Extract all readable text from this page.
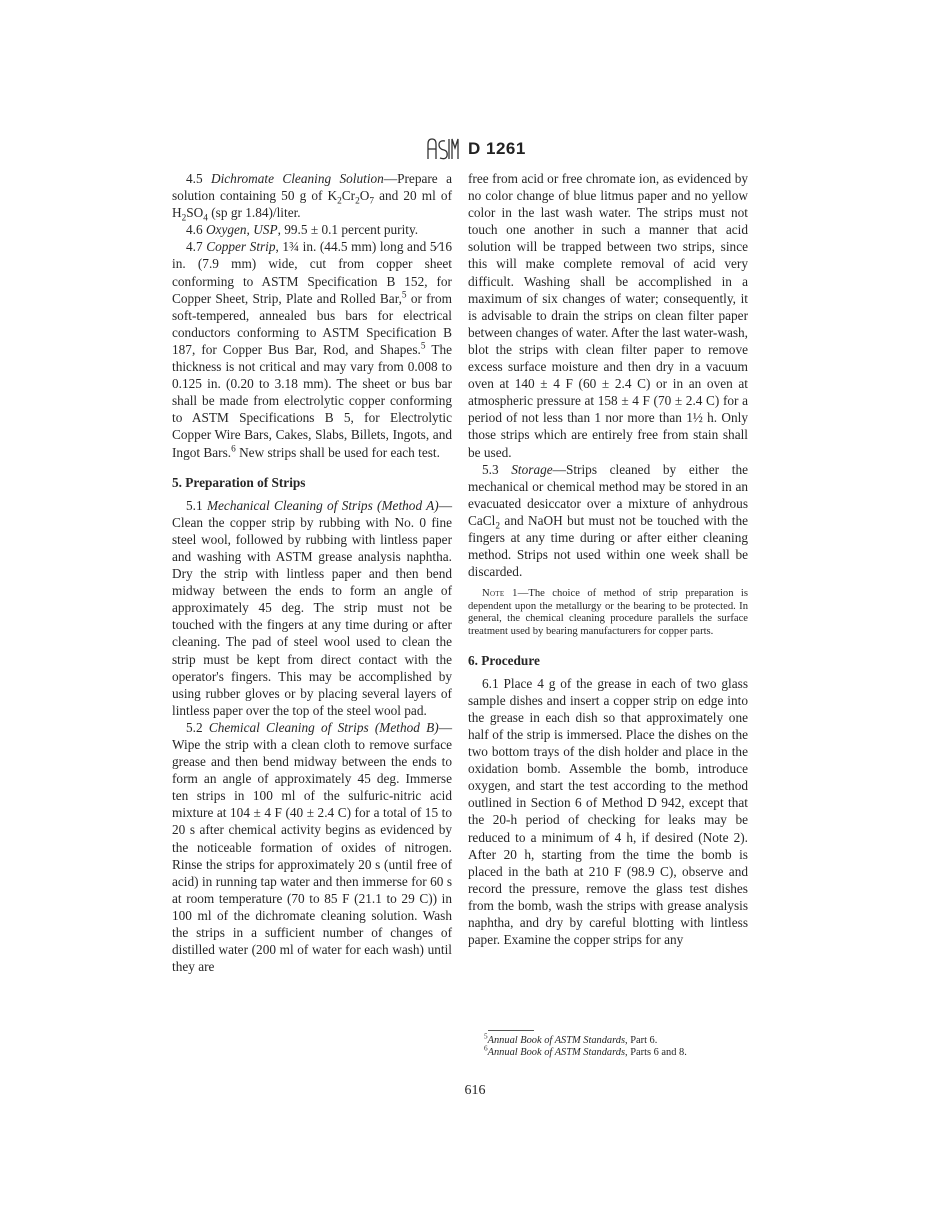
D 1261

4.5 Dichromate Cleaning Solution—Prepare a solution containing 50 g of $K_2Cr_2O_7$ and 20 ml of $H_2SO_4$ (sp gr 1.84)/liter.

4.6 Oxygen, USP, 99.5 ± 0.1 percent purity.

4.7 Copper Strip, 1¾ in. (44.5 mm) long and 5⁄16 in. (7.9 mm) wide, cut from copper sheet conforming to ASTM Specification B 152, for Copper Sheet, Strip, Plate and Rolled Bar,$^5$ or from soft-tempered, annealed bus bars for electrical conductors conforming to ASTM Specification B 187, for Copper Bus Bar, Rod, and Shapes.$^5$ The thickness is not critical and may vary from 0.008 to 0.125 in. (0.20 to 3.18 mm). The sheet or bus bar shall be made from electrolytic copper conforming to ASTM Specifications B 5, for Electrolytic Copper Wire Bars, Cakes, Slabs, Billets, Ingots, and Ingot Bars.$^6$ New strips shall be used for each test.

5. Preparation of Strips

5.1 Mechanical Cleaning of Strips (Method A)—Clean the copper strip by rubbing with No. 0 fine steel wool, followed by rubbing with lintless paper and washing with ASTM grease analysis naphtha. Dry the strip with lintless paper and then bend midway between the ends to form an angle of approximately 45 deg. The strip must not be touched with the fingers at any time during or after cleaning. The pad of steel wool used to clean the strip must be kept from direct contact with the operator's fingers. This may be accomplished by using rubber gloves or by placing several layers of lintless paper over the top of the steel wool pad.

5.2 Chemical Cleaning of Strips (Method B)—Wipe the strip with a clean cloth to remove surface grease and then bend midway between the ends to form an angle of approximately 45 deg. Immerse ten strips in 100 ml of the sulfuric-nitric acid mixture at 104 ± 4 F (40 ± 2.4 C) for a total of 15 to 20 s after chemical activity begins as evidenced by the noticeable formation of oxides of nitrogen. Rinse the strips for approximately 20 s (until free of acid) in running tap water and then immerse for 60 s at room temperature (70 to 85 F (21.1 to 29 C)) in 100 ml of the dichromate cleaning solution. Wash the strips in a sufficient number of changes of distilled water (200 ml of water for each wash) until they are

free from acid or free chromate ion, as evidenced by no color change of blue litmus paper and no yellow color in the last wash water. The strips must not touch one another in such a manner that acid solution will be trapped between two strips, since this will make complete removal of acid very difficult. Washing shall be accomplished in a maximum of six changes of water; consequently, it is advisable to drain the strips on clean filter paper between changes of water. After the last water-wash, blot the strips with clean filter paper to remove excess surface moisture and then dry in a vacuum oven at 140 ± 4 F (60 ± 2.4 C) or in an oven at atmospheric pressure at 158 ± 4 F (70 ± 2.4 C) for a period of not less than 1 nor more than 1½ h. Only those strips which are entirely free from stain shall be used.

5.3 Storage—Strips cleaned by either the mechanical or chemical method may be stored in an evacuated desiccator over a mixture of anhydrous CaCl$_2$ and NaOH but must not be touched with the fingers at any time during or after either cleaning method. Strips not used within one week shall be discarded.

Note 1—The choice of method of strip preparation is dependent upon the metallurgy or the bearing to be protected. In general, the chemical cleaning procedure parallels the surface treatment used by bearing manufacturers for copper parts.

6. Procedure

6.1 Place 4 g of the grease in each of two glass sample dishes and insert a copper strip on edge into the grease in each dish so that approximately one half of the strip is immersed. Place the dishes on the two bottom trays of the dish holder and place in the oxidation bomb. Assemble the bomb, introduce oxygen, and start the test according to the method outlined in Section 6 of Method D 942, except that the 20-h period of checking for leaks may be reduced to a minimum of 4 h, if desired (Note 2). After 20 h, starting from the time the bomb is placed in the bath at 210 F (98.9 C), observe and record the pressure, remove the glass test dishes from the bomb, wash the strips with grease analysis naphtha, and dry by careful blotting with lintless paper. Examine the copper strips for any

$^5$Annual Book of ASTM Standards, Part 6.

$^6$Annual Book of ASTM Standards, Parts 6 and 8.

616
